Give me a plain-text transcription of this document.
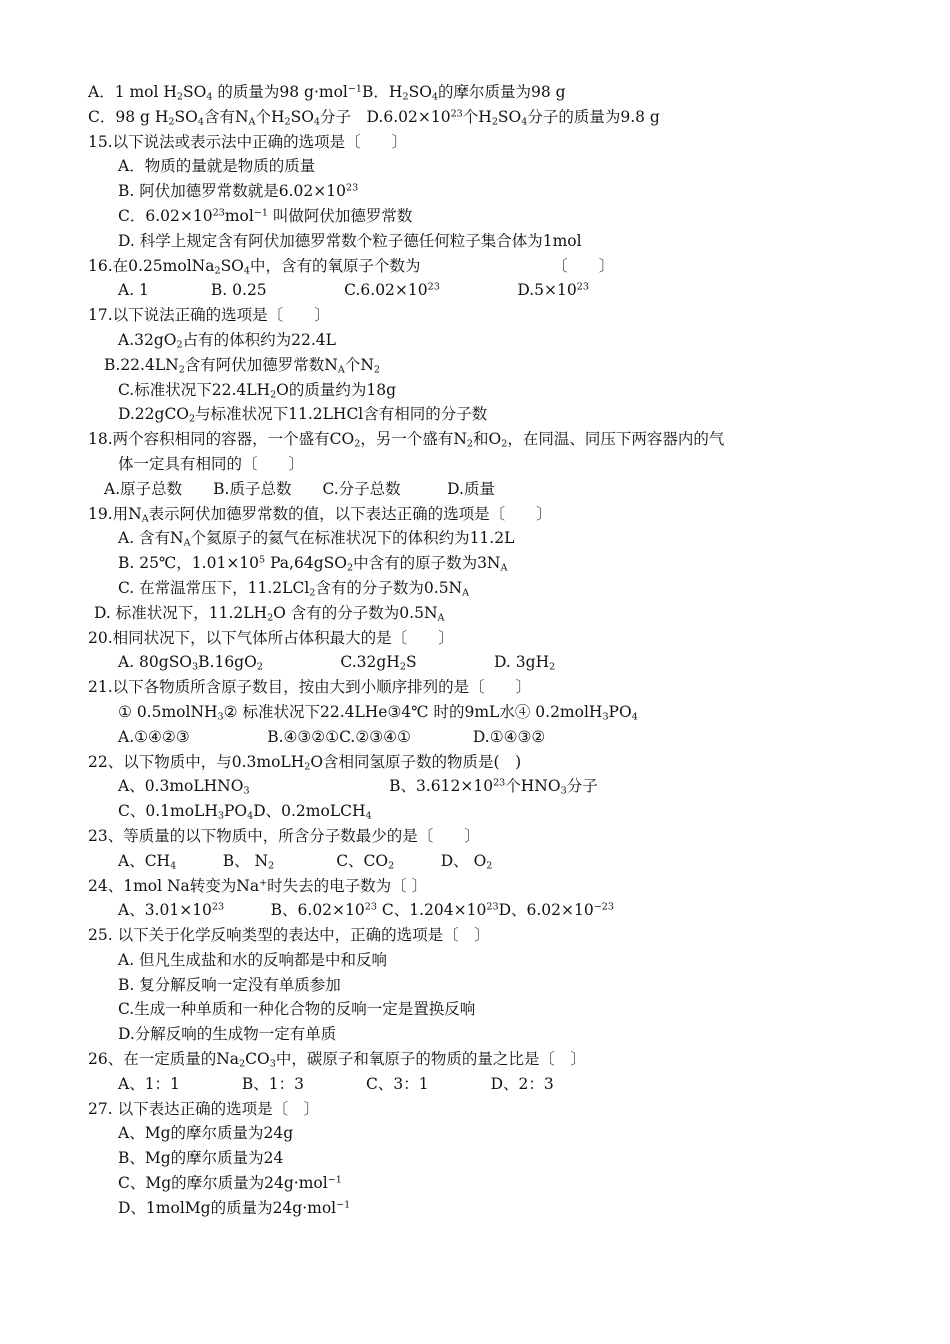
A．1 mol $H_2SO_4$ 的质量为98 g·mol$^{-1}$B．$H_2SO_4$的摩尔质量为98 g
C．98 g $H_2SO_4$含有$N_A$个$H_2SO_4$分子　$D.6.02\times 10^{23}$个$H_2SO_4$分子的质量为9.8 g
15.以下说法或表示法中正确的选项是〔　　〕
A．物质的量就是物质的质量
B. 阿伏加德罗常数就是$6.02\times 10^{23}$
C．$6.02\times 10^{23}mol^{-1}$ 叫做阿伏加德罗常数
D. 科学上规定含有阿伏加德罗常数个粒子德任何粒子集合体为1mol
16.在$0.25molNa_2SO_4$中，含有的氧原子个数为　　　　　　　　　〔　　〕
A. 1　　　　B. 0.25　　　　　$C.6.02\times 10^{23}$　　　　　$D.5\times 10^{23}$
17.以下说法正确的选项是〔　　〕
$A.32gO_2$占有的体积约为22.4L
$B.22.4LN_2$含有阿伏加德罗常数$N_A$个$N_2$
C.标准状况下$22.4LH_2O$的质量约为18g
D.22gCO$_2$与标准状况下11.2LHCl含有相同的分子数
18.两个容积相同的容器，一个盛有$CO_2$，另一个盛有$N_2$和$O_2$，在同温、同压下两容器内的气
体一定具有相同的〔　　〕
A.原子总数　　B.质子总数　　C.分子总数　　　D.质量
19.用$N_A$表示阿伏加德罗常数的值，以下表达正确的选项是〔　　〕
A. 含有$N_A$个氦原子的氦气在标准状况下的体积约为11.2L
B. 25℃，$1.01\times 10^5$ Pa,64gSO$_2$中含有的原子数为$3N_A$
C. 在常温常压下，11.2LCl$_2$含有的分子数为$0.5N_A$
D. 标准状况下，$11.2LH_2O$ 含有的分子数为$0.5N_A$
20.相同状况下，以下气体所占体积最大的是〔　　〕
A. $80gSO_3B.16gO_2$　　　　　$C.32gH_2S$　　　　　D. $3gH_2$
21.以下各物质所含原子数目，按由大到小顺序排列的是〔　　〕
① 0.5molNH$_3$② 标准状况下22.4LHe③4℃ 时的9mL水④ $0.2molH_3PO_4$
A.①④②③　　　　　B.④③②①C.②③④①　　　　D.①④③②
22、以下物质中，与0.3moLH$_2$O含相同氢原子数的物质是(　)
A、0.3moLHNO$_3$　　　　　　　　　B、$3.612\times 10^{23}$个$HNO_3$分子
C、$0.1moLH_3PO_4D$、0.2moLCH$_4$
23、等质量的以下物质中，所含分子数最少的是〔　　〕
A、$CH_4$　　　B、 $N_2$　　　　C、$CO_2$　　　D、 $O_2$
24、1mol Na转变为Na+时失去的电子数为〔 〕
A、$3.01\times 10^{23}$　　　B、$6.02\times 10^{23}$ C、$1.204\times 10^{23}D$、$6.02\times 10^{-23}$
25. 以下关于化学反响类型的表达中，正确的选项是〔　〕
A. 但凡生成盐和水的反响都是中和反响
B. 复分解反响一定没有单质参加
C.生成一种单质和一种化合物的反响一定是置换反响
D.分解反响的生成物一定有单质
26、在一定质量的$Na_2CO_3$中，碳原子和氧原子的物质的量之比是〔　〕
A、1：1　　　　B、1：3　　　　C、3：1　　　　D、2：3
27. 以下表达正确的选项是〔　〕
A、Mg的摩尔质量为24g
B、Mg的摩尔质量为24
C、Mg的摩尔质量为24g·mol$^{-1}$
D、1molMg的质量为24g·mol$^{-1}$
